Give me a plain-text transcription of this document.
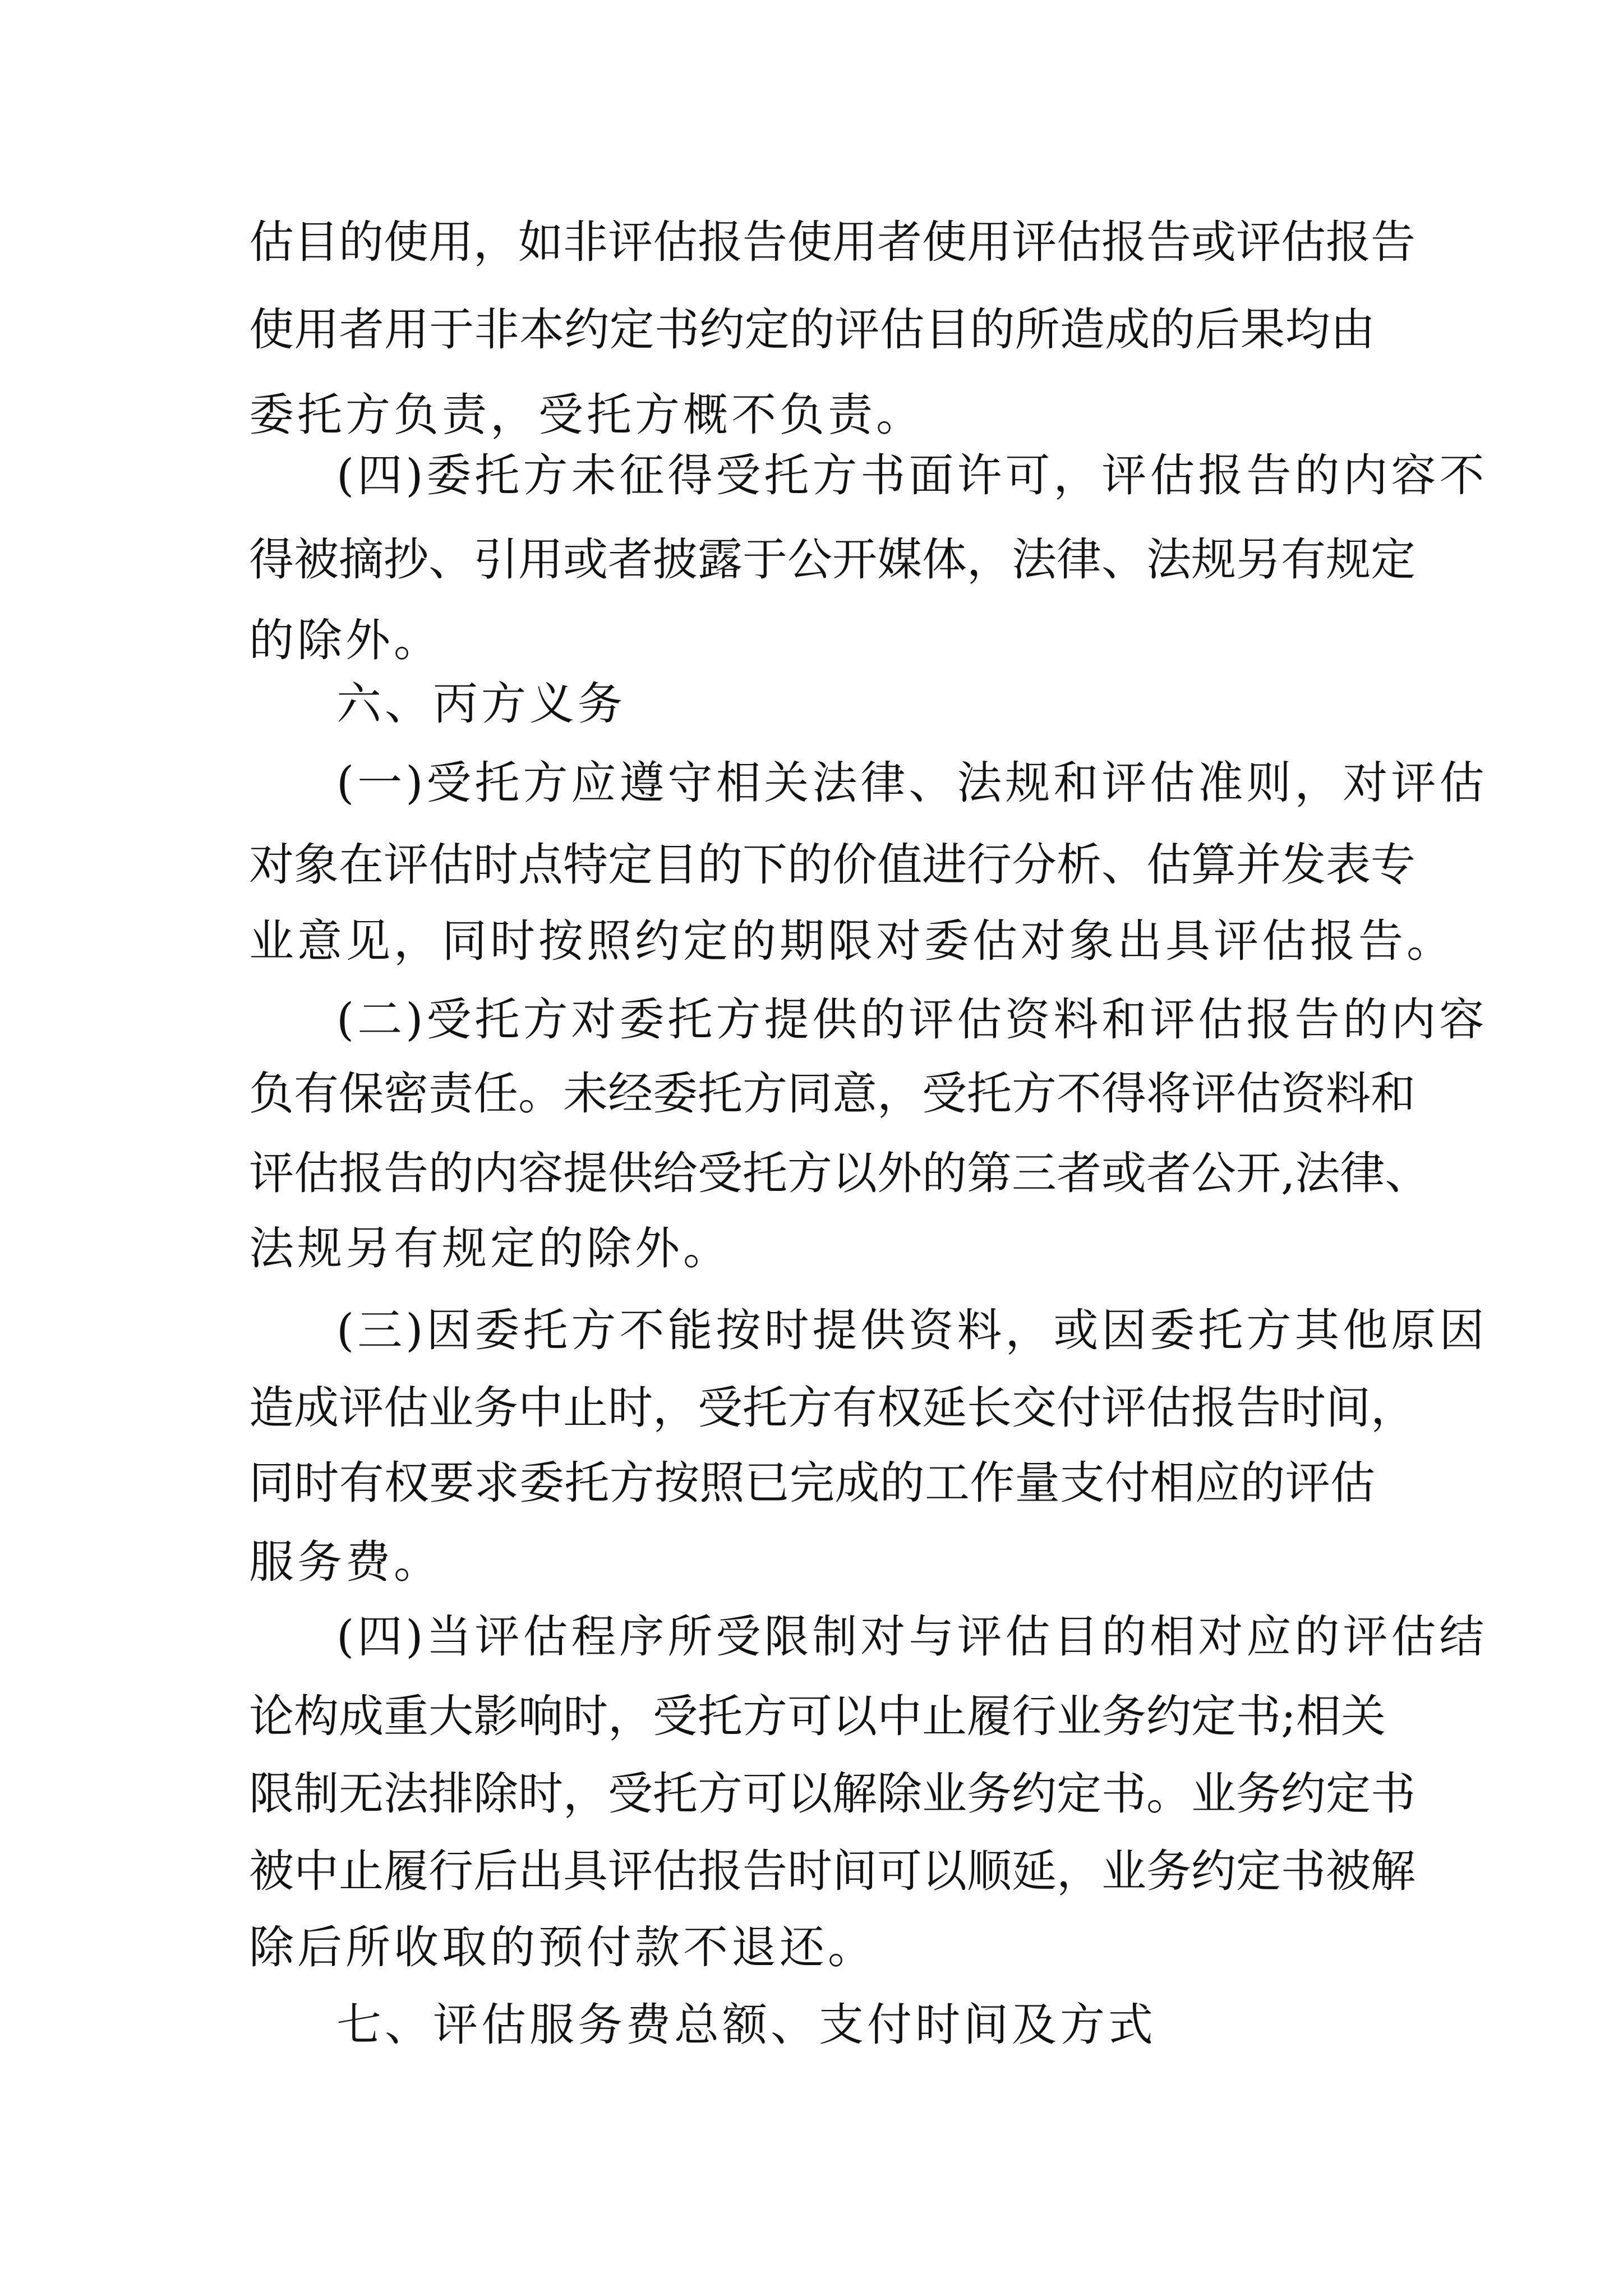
估目的使用，如非评估报告使用者使用评估报告或评估报告

使用者用于非本约定书约定的评估目的所造成的后果均由

委托方负责，受托方概不负责。

(四)委托方未征得受托方书面许可，评估报告的内容不

得被摘抄、引用或者披露于公开媒体，法律、法规另有规定

的除外。

六、丙方义务

(一)受托方应遵守相关法律、法规和评估准则，对评估

对象在评估时点特定目的下的价值进行分析、估算并发表专

业意见，同时按照约定的期限对委估对象出具评估报告。

(二)受托方对委托方提供的评估资料和评估报告的内容

负有保密责任。未经委托方同意，受托方不得将评估资料和

评估报告的内容提供给受托方以外的第三者或者公开,法律、

法规另有规定的除外。

(三)因委托方不能按时提供资料，或因委托方其他原因

造成评估业务中止时，受托方有权延长交付评估报告时间，

同时有权要求委托方按照已完成的工作量支付相应的评估

服务费。

(四)当评估程序所受限制对与评估目的相对应的评估结

论构成重大影响时，受托方可以中止履行业务约定书;相关

限制无法排除时，受托方可以解除业务约定书。业务约定书

被中止履行后出具评估报告时间可以顺延，业务约定书被解

除后所收取的预付款不退还。

七、评估服务费总额、支付时间及方式
